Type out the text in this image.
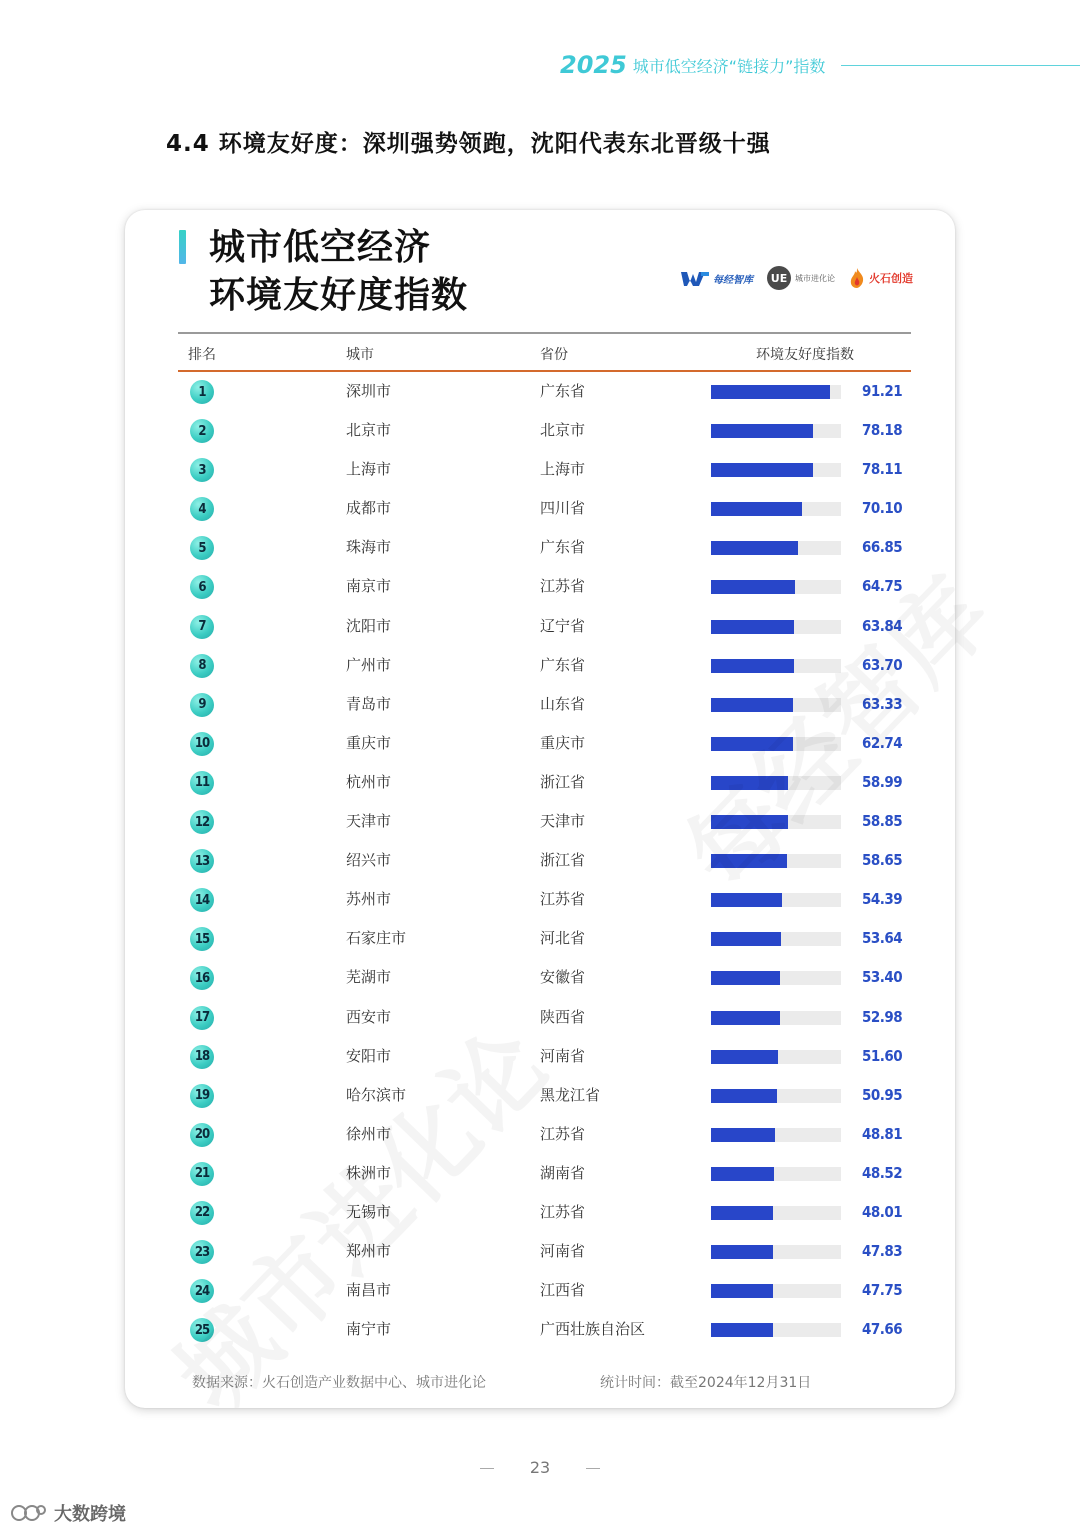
2025 城市低空经济“链接力”指数
4.4 环境友好度：深圳强势领跑，沈阳代表东北晋级十强
城市低空经济
环境友好度指数	每经智库	UE 城市进化论	火石创造
排名	城市	省份	环境友好度指数
1	深圳市	广东省	91.21
2	北京市	北京市	78.18
3	上海市	上海市	78.11
4	成都市	四川省	70.10
5	珠海市	广东省	66.85
6	南京市	江苏省	64.75
7	沈阳市	辽宁省	63.84
8	广州市	广东省	63.70
9	青岛市	山东省	63.33
10	重庆市	重庆市	62.74
11	杭州市	浙江省	58.99
12	天津市	天津市	58.85
13	绍兴市	浙江省	58.65
14	苏州市	江苏省	54.39
15	石家庄市	河北省	53.64
16	芜湖市	安徽省	53.40
17	西安市	陕西省	52.98
18	安阳市	河南省	51.60
19	哈尔滨市	黑龙江省	50.95
20	徐州市	江苏省	48.81
21	株洲市	湖南省	48.52
22	无锡市	江苏省	48.01
23	郑州市	河南省	47.83
24	南昌市	江西省	47.75
25	南宁市	广西壮族自治区	47.66
数据来源：火石创造产业数据中心、城市进化论	统计时间：截至2024年12月31日
23
大数跨境
